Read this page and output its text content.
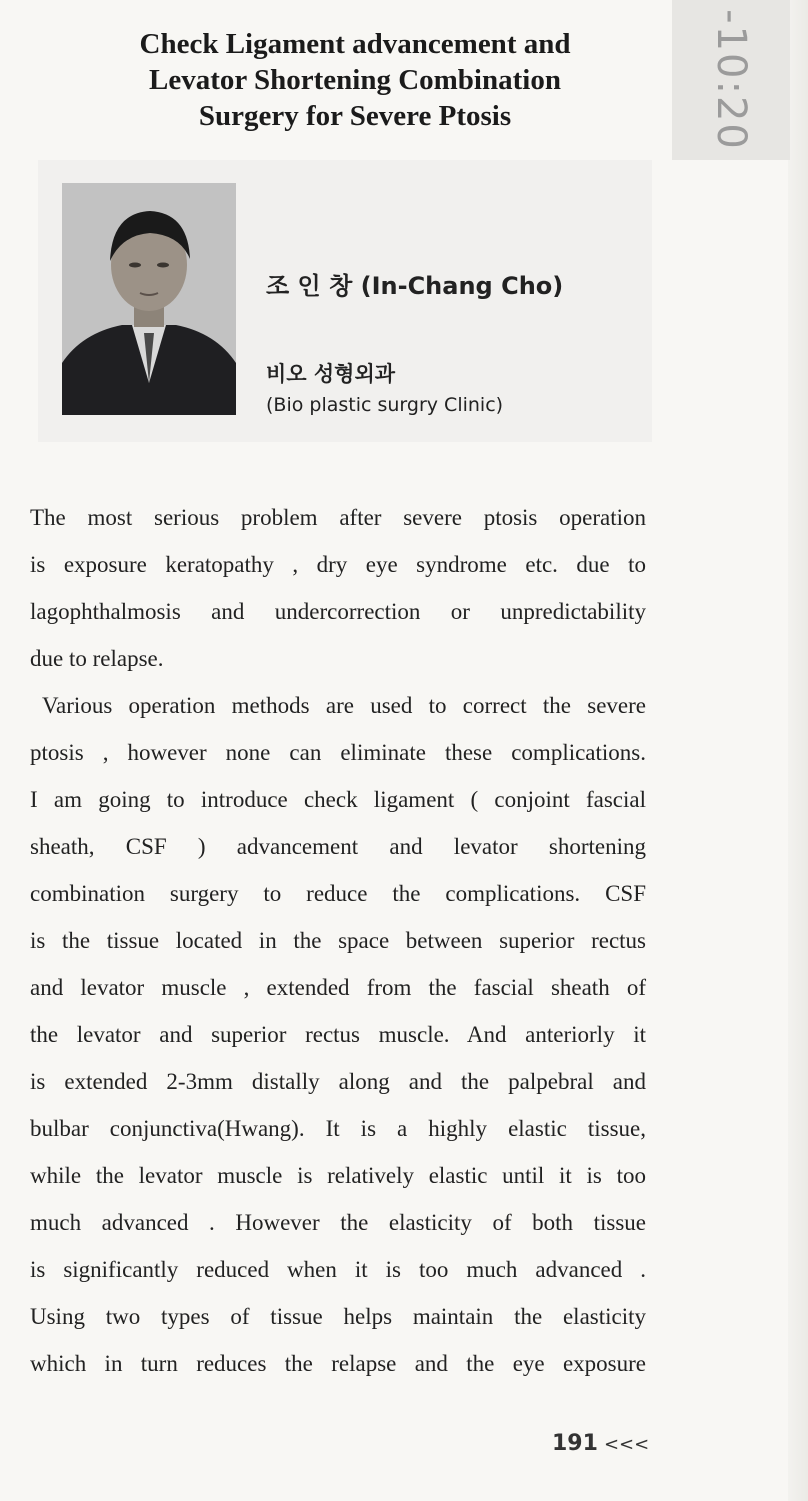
-10:20
Check Ligament advancement and
Levator Shortening Combination
Surgery for Severe Ptosis
조 인 창 (In-Chang Cho)
비오 성형외과
(Bio plastic surgry Clinic)

The most serious problem after severe ptosis operation
is exposure keratopathy , dry eye syndrome etc. due to
lagophthalmosis and undercorrection or unpredictability
due to relapse.

Various operation methods are used to correct the severe
ptosis , however none can eliminate these complications.
I am going to introduce check ligament ( conjoint fascial
sheath, CSF ) advancement and levator shortening
combination surgery to reduce the complications. CSF
is the tissue located in the space between superior rectus
and levator muscle , extended from the fascial sheath of
the levator and superior rectus muscle. And anteriorly it
is extended 2-3mm distally along and the palpebral and
bulbar conjunctiva(Hwang). It is a highly elastic tissue,
while the levator muscle is relatively elastic until it is too
much advanced . However the elasticity of both tissue
is significantly reduced when it is too much advanced .
Using two types of tissue helps maintain the elasticity
which in turn reduces the relapse and the eye exposure

191 <<<
